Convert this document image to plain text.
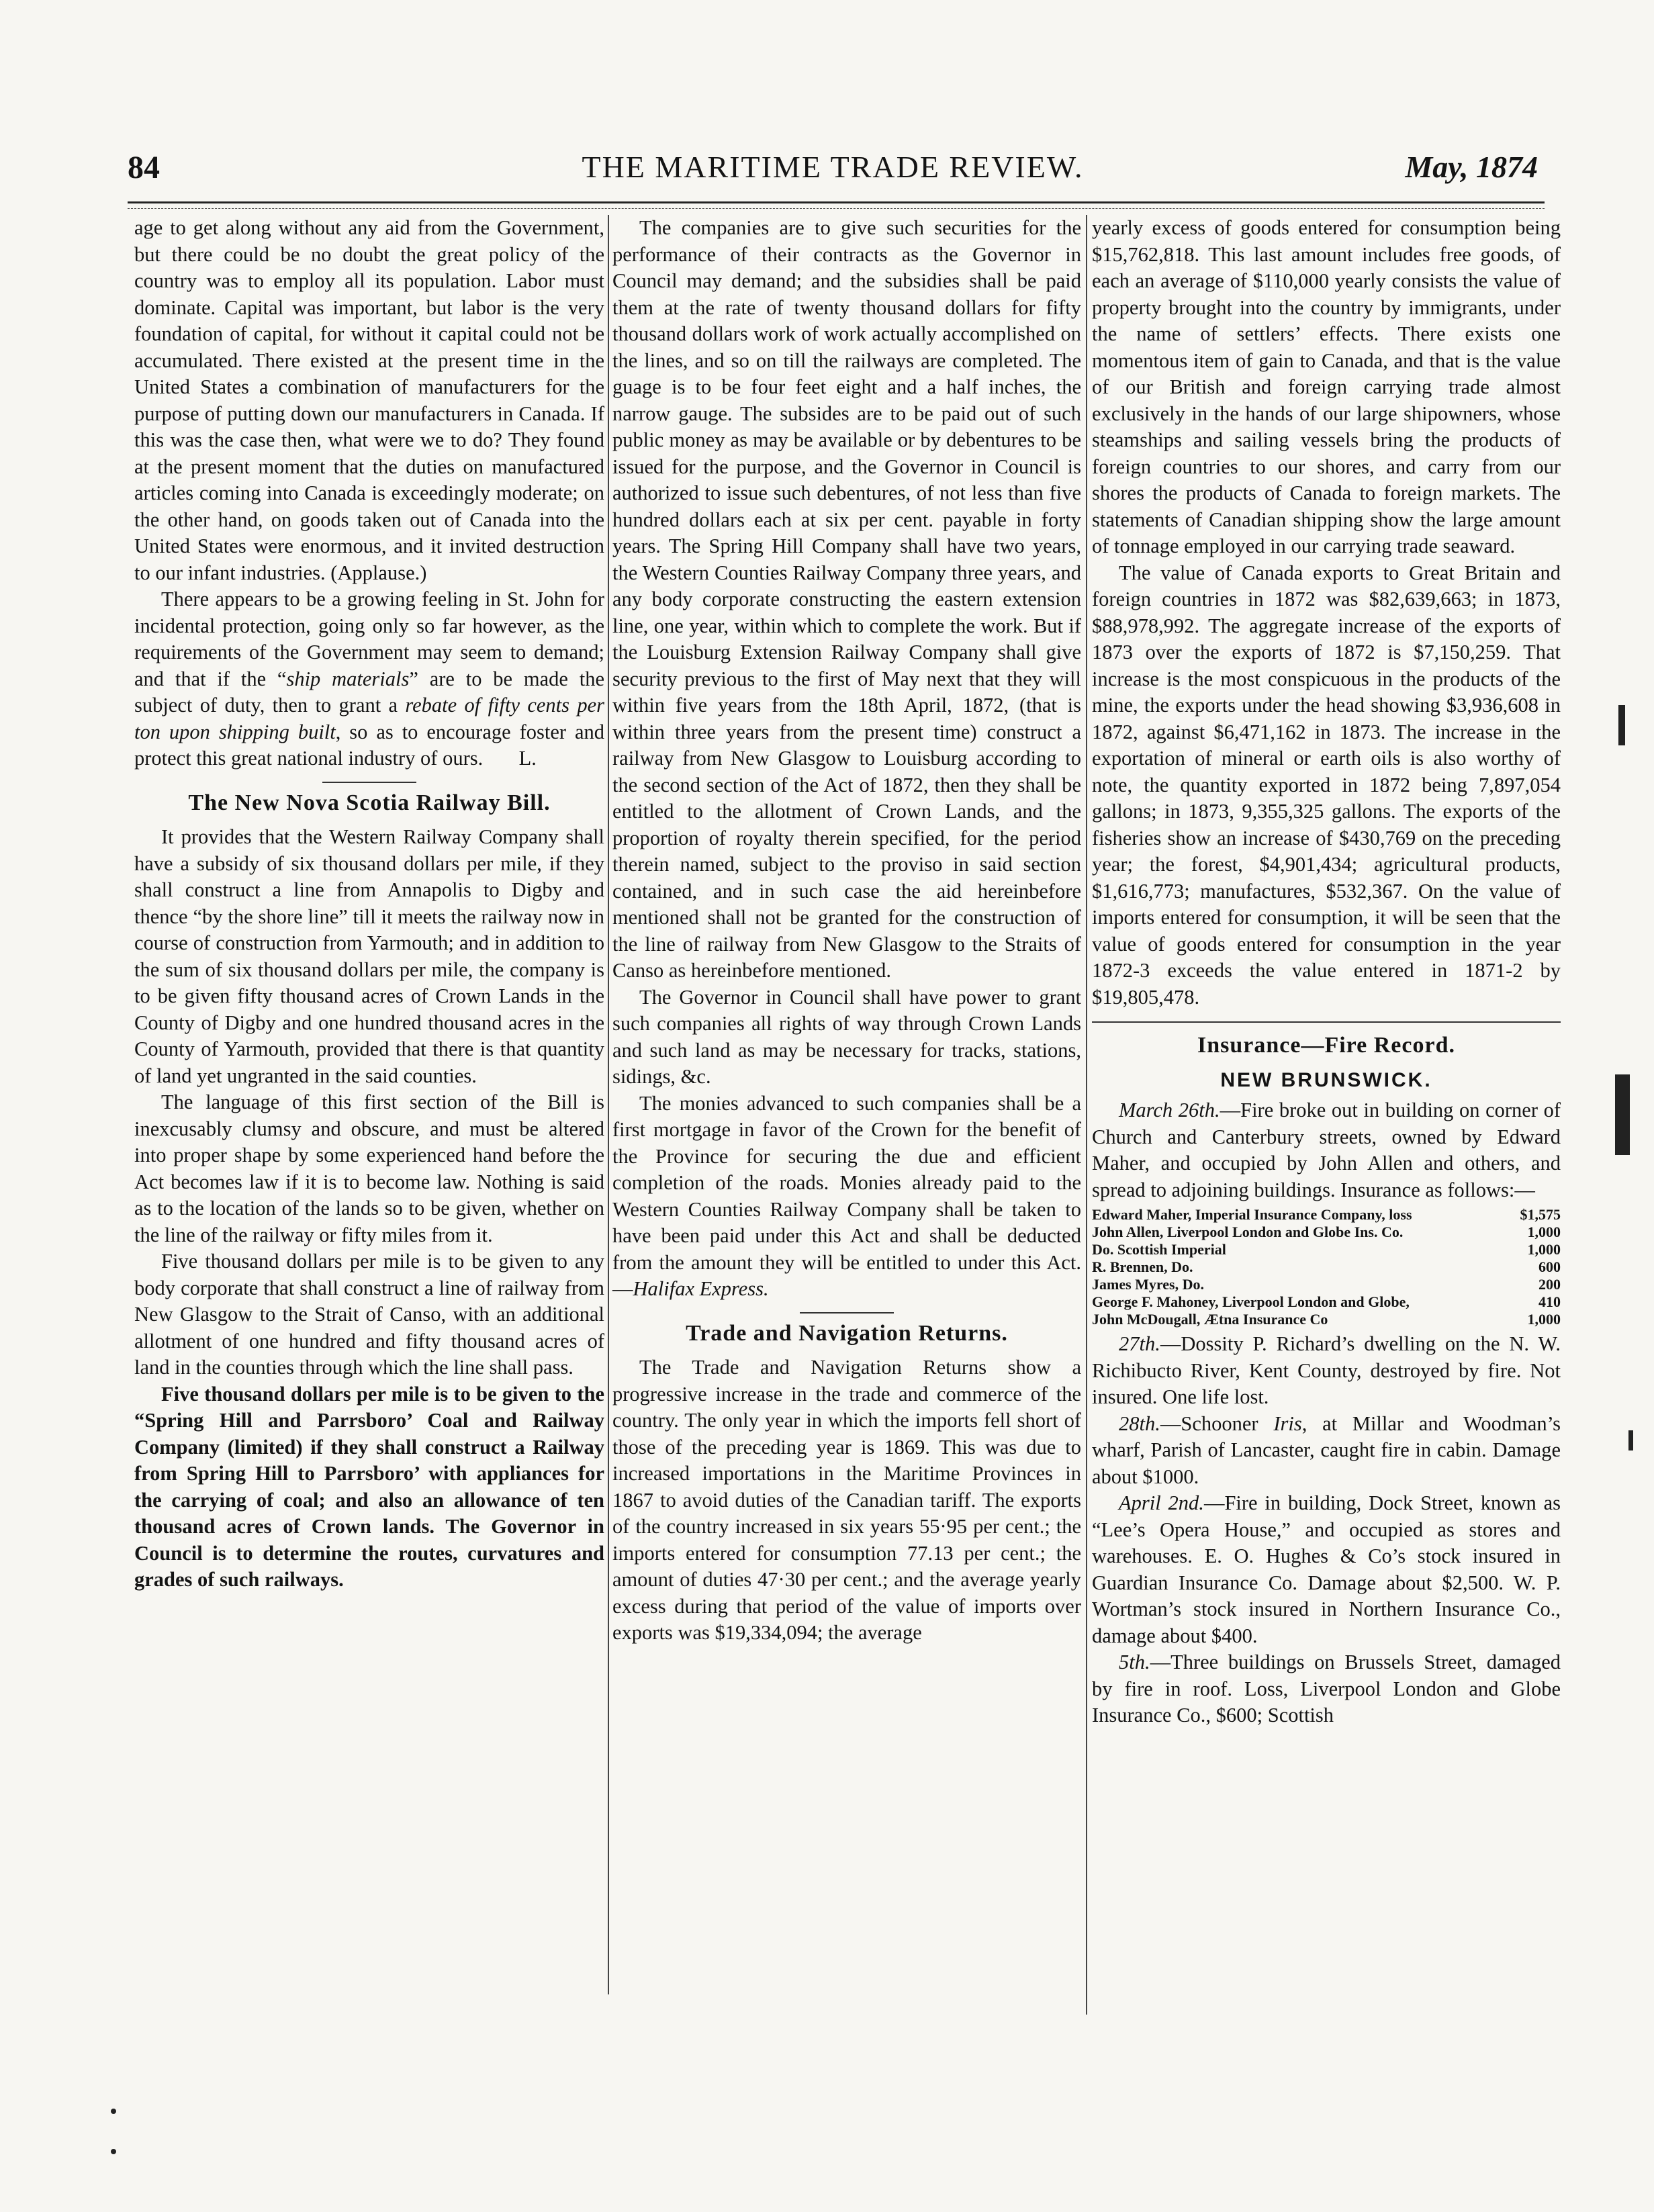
84	THE MARITIME TRADE REVIEW.	May, 1874

age to get along without any aid from the Government, but there could be no doubt the great policy of the country was to employ all its population. Labor must dominate. Capital was important, but labor is the very foundation of capital, for without it capital could not be accumulated. There existed at the present time in the United States a combination of manufacturers for the purpose of putting down our manufacturers in Canada. If this was the case then, what were we to do? They found at the present moment that the duties on manufactured articles coming into Canada is exceedingly moderate; on the other hand, on goods taken out of Canada into the United States were enormous, and it invited destruction to our infant industries. (Applause.)

There appears to be a growing feeling in St. John for incidental protection, going only so far however, as the requirements of the Government may seem to demand; and that if the “ship materials” are to be made the subject of duty, then to grant a rebate of fifty cents per ton upon shipping built, so as to encourage foster and protect this great national industry of ours. L.

The New Nova Scotia Railway Bill.

It provides that the Western Railway Company shall have a subsidy of six thousand dollars per mile, if they shall construct a line from Annapolis to Digby and thence “by the shore line” till it meets the railway now in course of construction from Yarmouth; and in addition to the sum of six thousand dollars per mile, the company is to be given fifty thousand acres of Crown Lands in the County of Digby and one hundred thousand acres in the County of Yarmouth, provided that there is that quantity of land yet ungranted in the said counties.

The language of this first section of the Bill is inexcusably clumsy and obscure, and must be altered into proper shape by some experienced hand before the Act becomes law if it is to become law. Nothing is said as to the location of the lands so to be given, whether on the line of the railway or fifty miles from it.

Five thousand dollars per mile is to be given to any body corporate that shall construct a line of railway from New Glasgow to the Strait of Canso, with an additional allotment of one hundred and fifty thousand acres of land in the counties through which the line shall pass.

Five thousand dollars per mile is to be given to the “Spring Hill and Parrsboro’ Coal and Railway Company (limited) if they shall construct a Railway from Spring Hill to Parrsboro’ with appliances for the carrying of coal; and also an allowance of ten thousand acres of Crown lands. The Governor in Council is to determine the routes, curvatures and grades of such railways.

The companies are to give such securities for the performance of their contracts as the Governor in Council may demand; and the subsidies shall be paid them at the rate of twenty thousand dollars for fifty thousand dollars work of work actually accomplished on the lines, and so on till the railways are completed. The guage is to be four feet eight and a half inches, the narrow gauge. The subsides are to be paid out of such public money as may be available or by debentures to be issued for the purpose, and the Governor in Council is authorized to issue such debentures, of not less than five hundred dollars each at six per cent. payable in forty years. The Spring Hill Company shall have two years, the Western Counties Railway Company three years, and any body corporate constructing the eastern extension line, one year, within which to complete the work. But if the Louisburg Extension Railway Company shall give security previous to the first of May next that they will within five years from the 18th April, 1872, (that is within three years from the present time) construct a railway from New Glasgow to Louisburg according to the second section of the Act of 1872, then they shall be entitled to the allotment of Crown Lands, and the proportion of royalty therein specified, for the period therein named, subject to the proviso in said section contained, and in such case the aid hereinbefore mentioned shall not be granted for the construction of the line of railway from New Glasgow to the Straits of Canso as hereinbefore mentioned.

The Governor in Council shall have power to grant such companies all rights of way through Crown Lands and such land as may be necessary for tracks, stations, sidings, &c.

The monies advanced to such companies shall be a first mortgage in favor of the Crown for the benefit of the Province for securing the due and efficient completion of the roads. Monies already paid to the Western Counties Railway Company shall be taken to have been paid under this Act and shall be deducted from the amount they will be entitled to under this Act.—Halifax Express.

Trade and Navigation Returns.

The Trade and Navigation Returns show a progressive increase in the trade and commerce of the country. The only year in which the imports fell short of those of the preceding year is 1869. This was due to increased importations in the Maritime Provinces in 1867 to avoid duties of the Canadian tariff. The exports of the country increased in six years 55·95 per cent.; the imports entered for consumption 77.13 per cent.; the amount of duties 47·30 per cent.; and the average yearly excess during that period of the value of imports over exports was $19,334,094; the average

yearly excess of goods entered for consumption being $15,762,818. This last amount includes free goods, of each an average of $110,000 yearly consists the value of property brought into the country by immigrants, under the name of settlers’ effects. There exists one momentous item of gain to Canada, and that is the value of our British and foreign carrying trade almost exclusively in the hands of our large shipowners, whose steamships and sailing vessels bring the products of foreign countries to our shores, and carry from our shores the products of Canada to foreign markets. The statements of Canadian shipping show the large amount of tonnage employed in our carrying trade seaward.

The value of Canada exports to Great Britain and foreign countries in 1872 was $82,639,663; in 1873, $88,978,992. The aggregate increase of the exports of 1873 over the exports of 1872 is $7,150,259. That increase is the most conspicuous in the products of the mine, the exports under the head showing $3,936,608 in 1872, against $6,471,162 in 1873. The increase in the exportation of mineral or earth oils is also worthy of note, the quantity exported in 1872 being 7,897,054 gallons; in 1873, 9,355,325 gallons. The exports of the fisheries show an increase of $430,769 on the preceding year; the forest, $4,901,434; agricultural products, $1,616,773; manufactures, $532,367. On the value of imports entered for consumption, it will be seen that the value of goods entered for consumption in the year 1872-3 exceeds the value entered in 1871-2 by $19,805,478.

Insurance—Fire Record.
NEW BRUNSWICK.

March 26th.—Fire broke out in building on corner of Church and Canterbury streets, owned by Edward Maher, and occupied by John Allen and others, and spread to adjoining buildings. Insurance as follows:—

Edward Maher, Imperial Insurance Company, loss	$1,575
John Allen, Liverpool London and Globe Ins. Co.	1,000
Do. Scottish Imperial	1,000
R. Brennen, Do.	600
James Myres, Do.	200
George F. Mahoney, Liverpool London and Globe,	410
John McDougall, Ætna Insurance Co	1,000

27th.—Dossity P. Richard’s dwelling on the N. W. Richibucto River, Kent County, destroyed by fire. Not insured. One life lost.

28th.—Schooner Iris, at Millar and Woodman’s wharf, Parish of Lancaster, caught fire in cabin. Damage about $1000.

April 2nd.—Fire in building, Dock Street, known as “Lee’s Opera House,” and occupied as stores and warehouses. E. O. Hughes & Co’s stock insured in Guardian Insurance Co. Damage about $2,500. W. P. Wortman’s stock insured in Northern Insurance Co., damage about $400.

5th.—Three buildings on Brussels Street, damaged by fire in roof. Loss, Liverpool London and Globe Insurance Co., $600; Scottish
